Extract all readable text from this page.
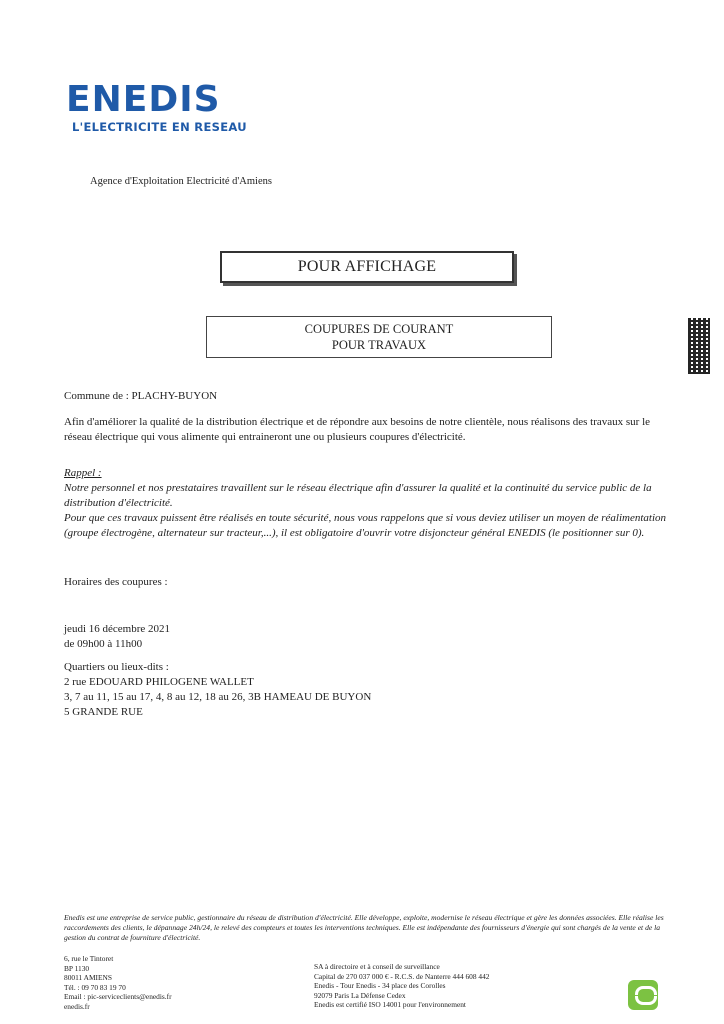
ENEDIS
L'ELECTRICITE EN RESEAU
Agence d'Exploitation Electricité d'Amiens
POUR AFFICHAGE
COUPURES DE COURANT
POUR TRAVAUX
Commune de : PLACHY-BUYON
Afin d'améliorer la qualité de la distribution électrique et de répondre aux besoins de notre clientèle, nous réalisons des travaux sur le réseau électrique qui vous alimente qui entraineront une ou plusieurs coupures d'électricité.
Rappel :
Notre personnel et nos prestataires travaillent sur le réseau électrique afin d'assurer la qualité et la continuité du service public de la distribution d'électricité.
Pour que ces travaux puissent être réalisés en toute sécurité, nous vous rappelons que si vous deviez utiliser un moyen de réalimentation (groupe électrogène, alternateur sur tracteur,...), il est obligatoire d'ouvrir votre disjoncteur général ENEDIS (le positionner sur 0).
Horaires des coupures :
jeudi 16 décembre 2021
de 09h00 à 11h00
Quartiers ou lieux-dits :
2 rue EDOUARD PHILOGENE WALLET
3, 7 au 11, 15 au 17, 4, 8 au 12, 18 au 26, 3B HAMEAU DE BUYON
5 GRANDE RUE
Enedis est une entreprise de service public, gestionnaire du réseau de distribution d'électricité. Elle développe, exploite, modernise le réseau électrique et gère les données associées. Elle réalise les raccordements des clients, le dépannage 24h/24, le relevé des compteurs et toutes les interventions techniques. Elle est indépendante des fournisseurs d'énergie qui sont chargés de la vente et de la gestion du contrat de fourniture d'électricité.
6, rue le Tintoret
BP 1130
80011 AMIENS
Tél. : 09 70 83 19 70
Email : pic-serviceclients@enedis.fr
enedis.fr
SA à directoire et à conseil de surveillance
Capital de 270 037 000 € - R.C.S. de Nanterre 444 608 442
Enedis - Tour Enedis - 34 place des Corolles
92079 Paris La Défense Cedex
Enedis est certifié ISO 14001 pour l'environnement
